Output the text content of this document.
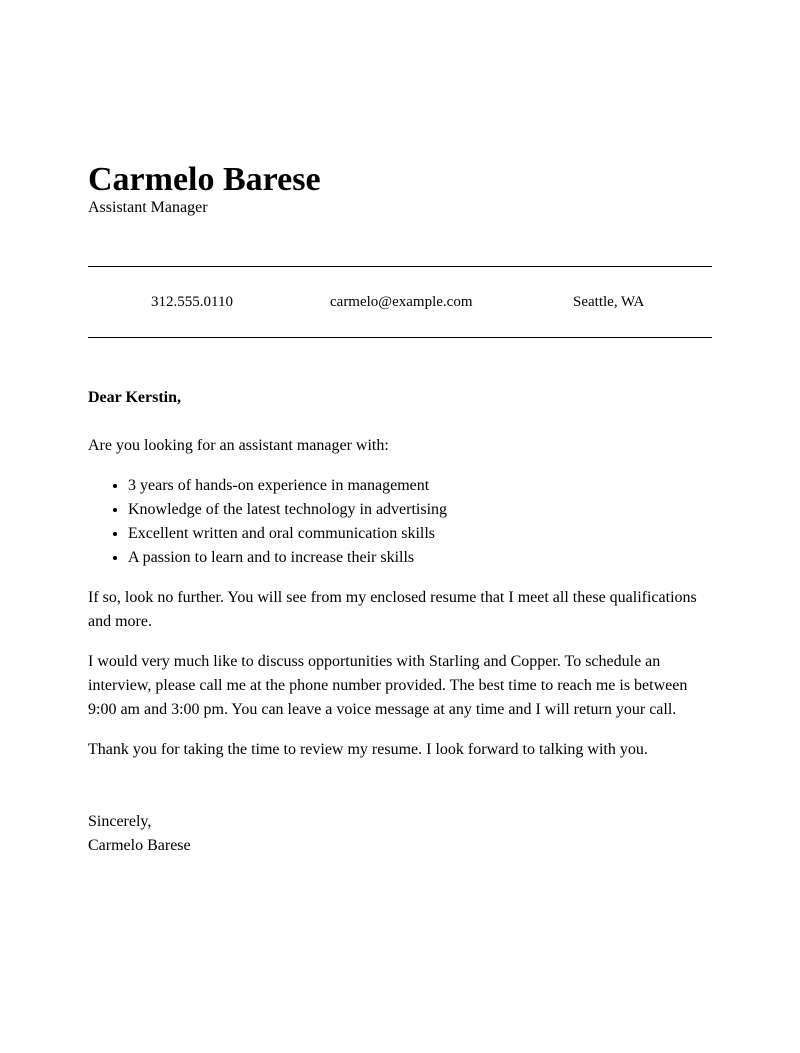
Carmelo Barese
Assistant Manager
312.555.0110	carmelo@example.com	Seattle, WA

Dear Kerstin,

Are you looking for an assistant manager with:

• 3 years of hands-on experience in management
• Knowledge of the latest technology in advertising
• Excellent written and oral communication skills
• A passion to learn and to increase their skills

If so, look no further. You will see from my enclosed resume that I meet all these qualifications and more.

I would very much like to discuss opportunities with Starling and Copper. To schedule an interview, please call me at the phone number provided. The best time to reach me is between 9:00 am and 3:00 pm. You can leave a voice message at any time and I will return your call.

Thank you for taking the time to review my resume. I look forward to talking with you.

Sincerely,
Carmelo Barese
